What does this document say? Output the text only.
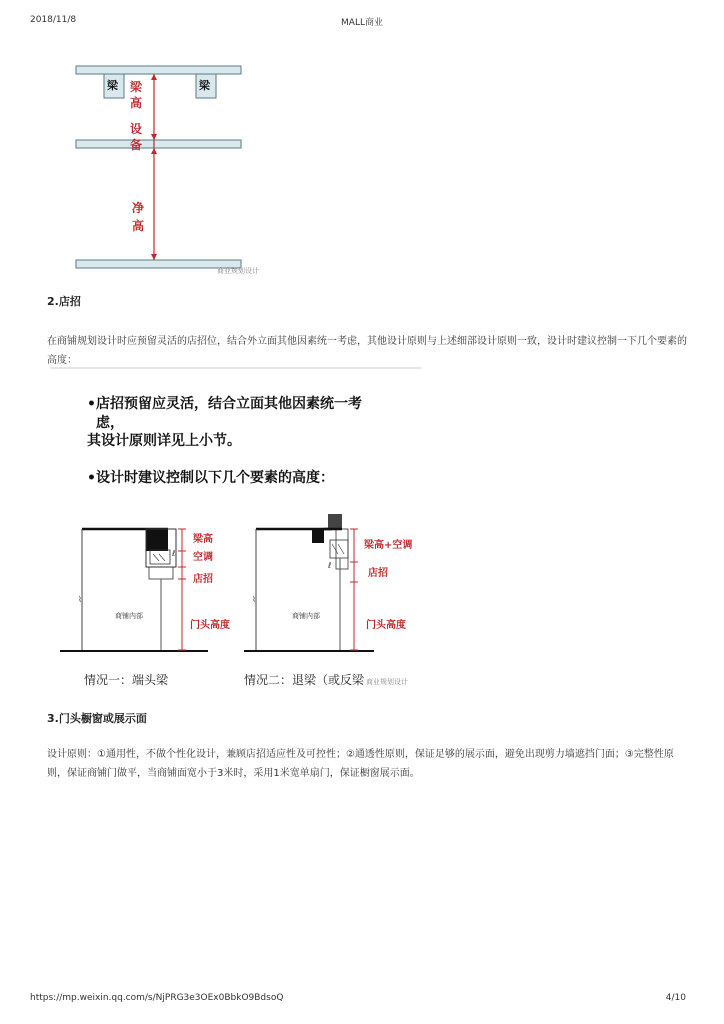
2018/11/8	MALL商业
梁	梁
梁 高
设 备
净 高
商业规划设计
2.店招
在商铺规划设计时应预留灵活的店招位，结合外立面其他因素统一考虑，其他设计原则与上述细部设计原则一致，设计时建议控制一下几个要素的高度：
•店招预留应灵活，结合立面其他因素统一考
虑，
其设计原则详见上小节。
•设计时建议控制以下几个要素的高度：
⌇
ℓ
梁高
空调
店招
商铺内部
门头高度
情况一：端头梁
⌇
ℓ
梁高+空调
店招
商铺内部
门头高度
情况二：退梁（或反梁 商业规划设计
3.门头橱窗或展示面
设计原则：①通用性，不做个性化设计，兼顾店招适应性及可控性；②通透性原则，保证足够的展示面，避免出现剪力墙遮挡门面；③完整性原则，保证商铺门做平，当商铺面宽小于3米时，采用1米宽单扇门，保证橱窗展示面。
https://mp.weixin.qq.com/s/NjPRG3e3OEx0BbkO9BdsoQ	4/10
